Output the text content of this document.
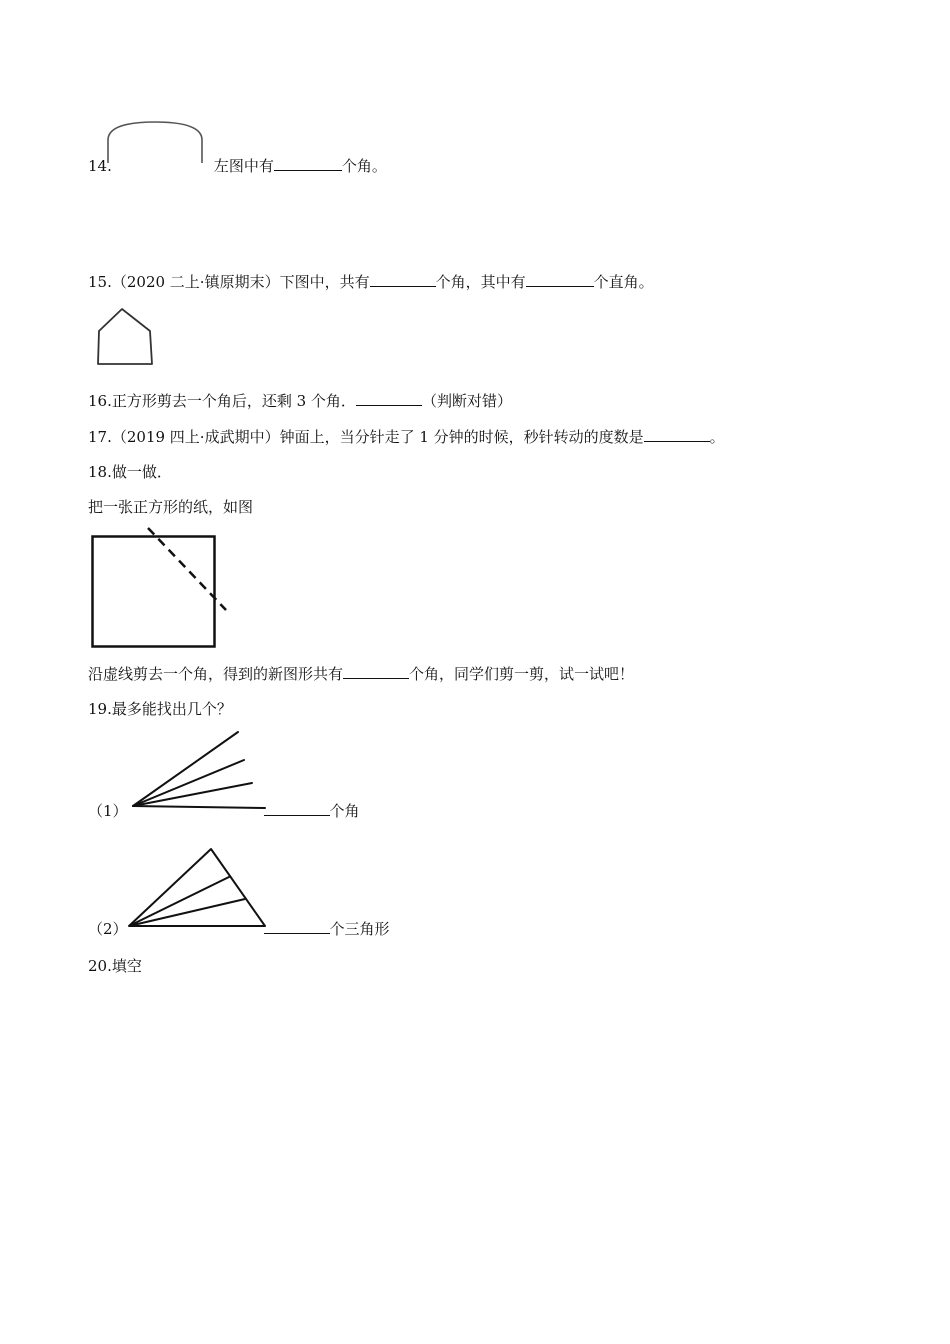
14.	左图中有	个角。
15.（2020 二上·镇原期末）下图中，共有	个角，其中有	个直角。
16.正方形剪去一个角后，还剩 3 个角．	（判断对错）
17.（2019 四上·成武期中）钟面上，当分针走了 1 分钟的时候，秒针转动的度数是	。
18.做一做．
把一张正方形的纸，如图
沿虚线剪去一个角，得到的新图形共有	个角，同学们剪一剪，试一试吧！
19.最多能找出几个？
（1）	个角
（2）	个三角形
20.填空
